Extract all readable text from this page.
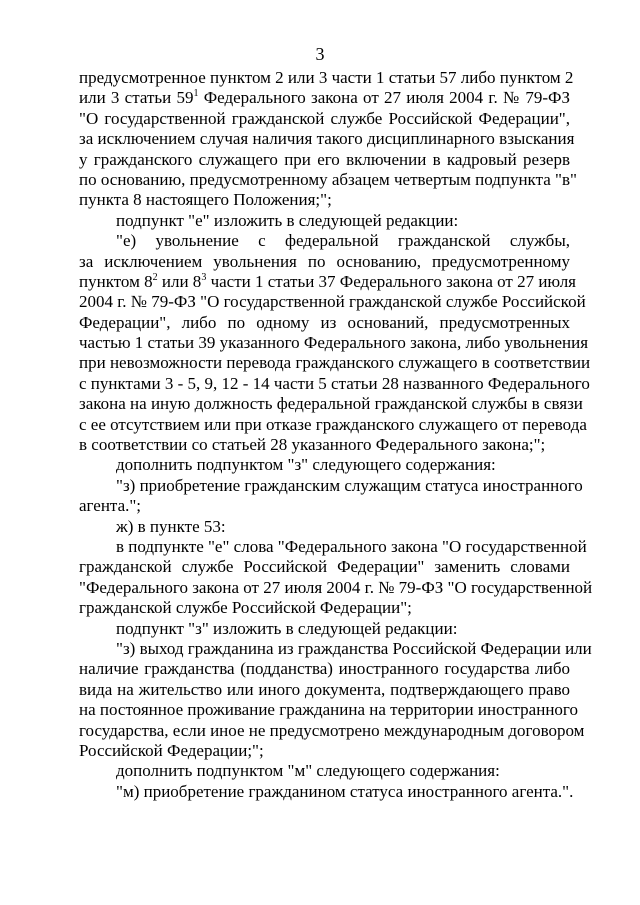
3
предусмотренное пунктом 2 или 3 части 1 статьи 57 либо пунктом 2
или 3 статьи $59^1$ Федерального закона от 27 июля 2004 г. № 79-ФЗ
"О государственной гражданской службе Российской Федерации",
за исключением случая наличия такого дисциплинарного взыскания
у гражданского служащего при его включении в кадровый резерв
по основанию, предусмотренному абзацем четвертым подпункта "в"
пункта 8 настоящего Положения;";
подпункт "е" изложить в следующей редакции:
"е) увольнение с федеральной гражданской службы,
за исключением увольнения по основанию, предусмотренному
пунктом $8^2$ или $8^3$ части 1 статьи 37 Федерального закона от 27 июля
2004 г. № 79-ФЗ "О государственной гражданской службе Российской
Федерации", либо по одному из оснований, предусмотренных
частью 1 статьи 39 указанного Федерального закона, либо увольнения
при невозможности перевода гражданского служащего в соответствии
с пунктами 3 - 5, 9, 12 - 14 части 5 статьи 28 названного Федерального
закона на иную должность федеральной гражданской службы в связи
с ее отсутствием или при отказе гражданского служащего от перевода
в соответствии со статьей 28 указанного Федерального закона;";
дополнить подпунктом "з" следующего содержания:
"з) приобретение гражданским служащим статуса иностранного
агента.";
ж) в пункте 53:
в подпункте "е" слова "Федерального закона "О государственной
гражданской службе Российской Федерации" заменить словами
"Федерального закона от 27 июля 2004 г. № 79-ФЗ "О государственной
гражданской службе Российской Федерации";
подпункт "з" изложить в следующей редакции:
"з) выход гражданина из гражданства Российской Федерации или
наличие гражданства (подданства) иностранного государства либо
вида на жительство или иного документа, подтверждающего право
на постоянное проживание гражданина на территории иностранного
государства, если иное не предусмотрено международным договором
Российской Федерации;";
дополнить подпунктом "м" следующего содержания:
"м) приобретение гражданином статуса иностранного агента.".
